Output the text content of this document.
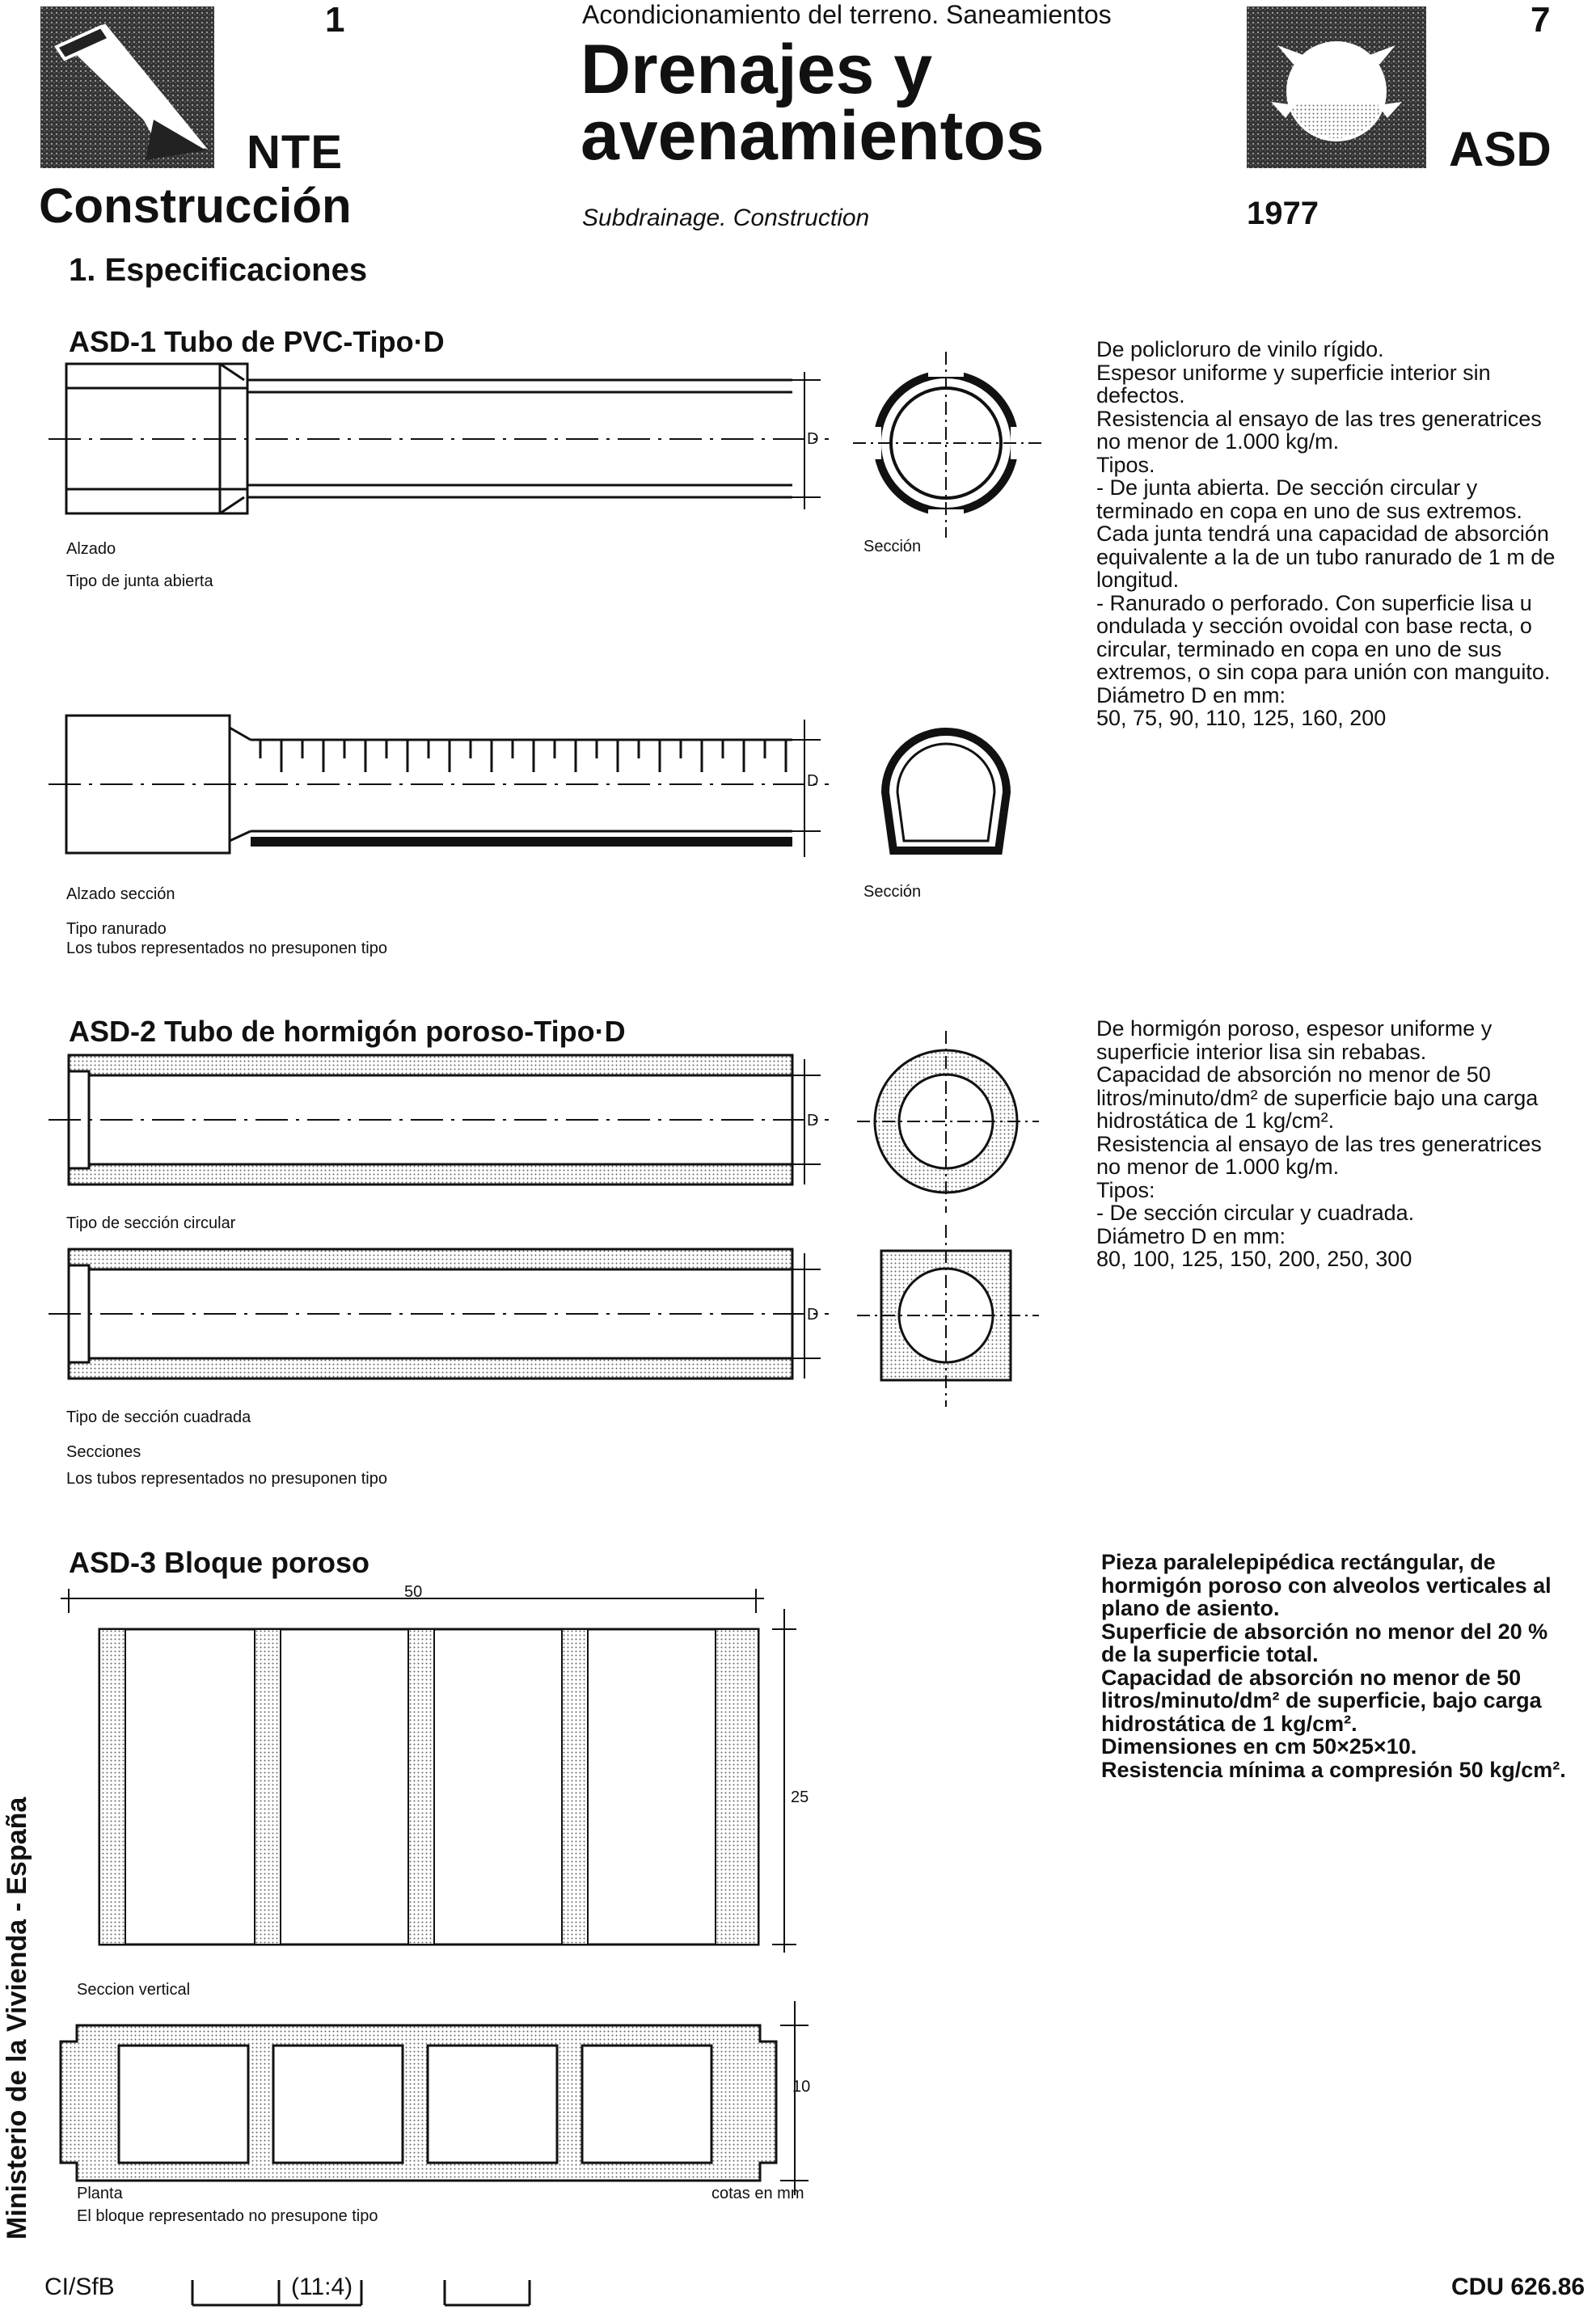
1
NTE
Construcción
Acondicionamiento del terreno. Saneamientos
Drenajes y
avenamientos
Subdrainage. Construction
7
ASD
1977
1. Especificaciones
ASD-1 Tubo de PVC-Tipo·D
D
Alzado
Tipo de junta abierta
Sección
D
Alzado sección
Tipo ranurado
Los tubos representados no presuponen tipo
Sección

De policloruro de vinilo rígido.

Espesor uniforme y superficie interior sin defectos.

Resistencia al ensayo de las tres generatrices no menor de 1.000 kg/m.

Tipos.

- De junta abierta. De sección circular y terminado en copa en uno de sus extremos.

Cada junta tendrá una capacidad de absorción equivalente a la de un tubo ranurado de 1 m de longitud.

- Ranurado o perforado. Con superficie lisa u ondulada y sección ovoidal con base recta, o circular, terminado en copa en uno de sus extremos, o sin copa para unión con manguito.

Diámetro D en mm:

50, 75, 90, 110, 125, 160, 200

ASD-2 Tubo de hormigón poroso-Tipo·D
D
Tipo de sección circular
D
Tipo de sección cuadrada
Secciones
Los tubos representados no presuponen tipo

De hormigón poroso, espesor uniforme y superficie interior lisa sin rebabas.

Capacidad de absorción no menor de 50 litros/minuto/dm² de superficie bajo una carga hidrostática de 1 kg/cm².

Resistencia al ensayo de las tres generatrices no menor de 1.000 kg/m.

Tipos:

- De sección circular y cuadrada.

Diámetro D en mm:

80, 100, 125, 150, 200, 250, 300

ASD-3 Bloque poroso
50
25
Seccion vertical
10
Planta	cotas en mm
El bloque representado no presupone tipo

Pieza paralelepipédica rectángular, de hormigón poroso con alveolos verticales al plano de asiento.

Superficie de absorción no menor del 20 % de la superficie total.

Capacidad de absorción no menor de 50 litros/minuto/dm² de superficie, bajo carga hidrostática de 1 kg/cm².

Dimensiones en cm 50×25×10.

Resistencia mínima a compresión 50 kg/cm².

Ministerio de la Vivienda - España
CI/SfB	(11:4)	CDU 626.86
